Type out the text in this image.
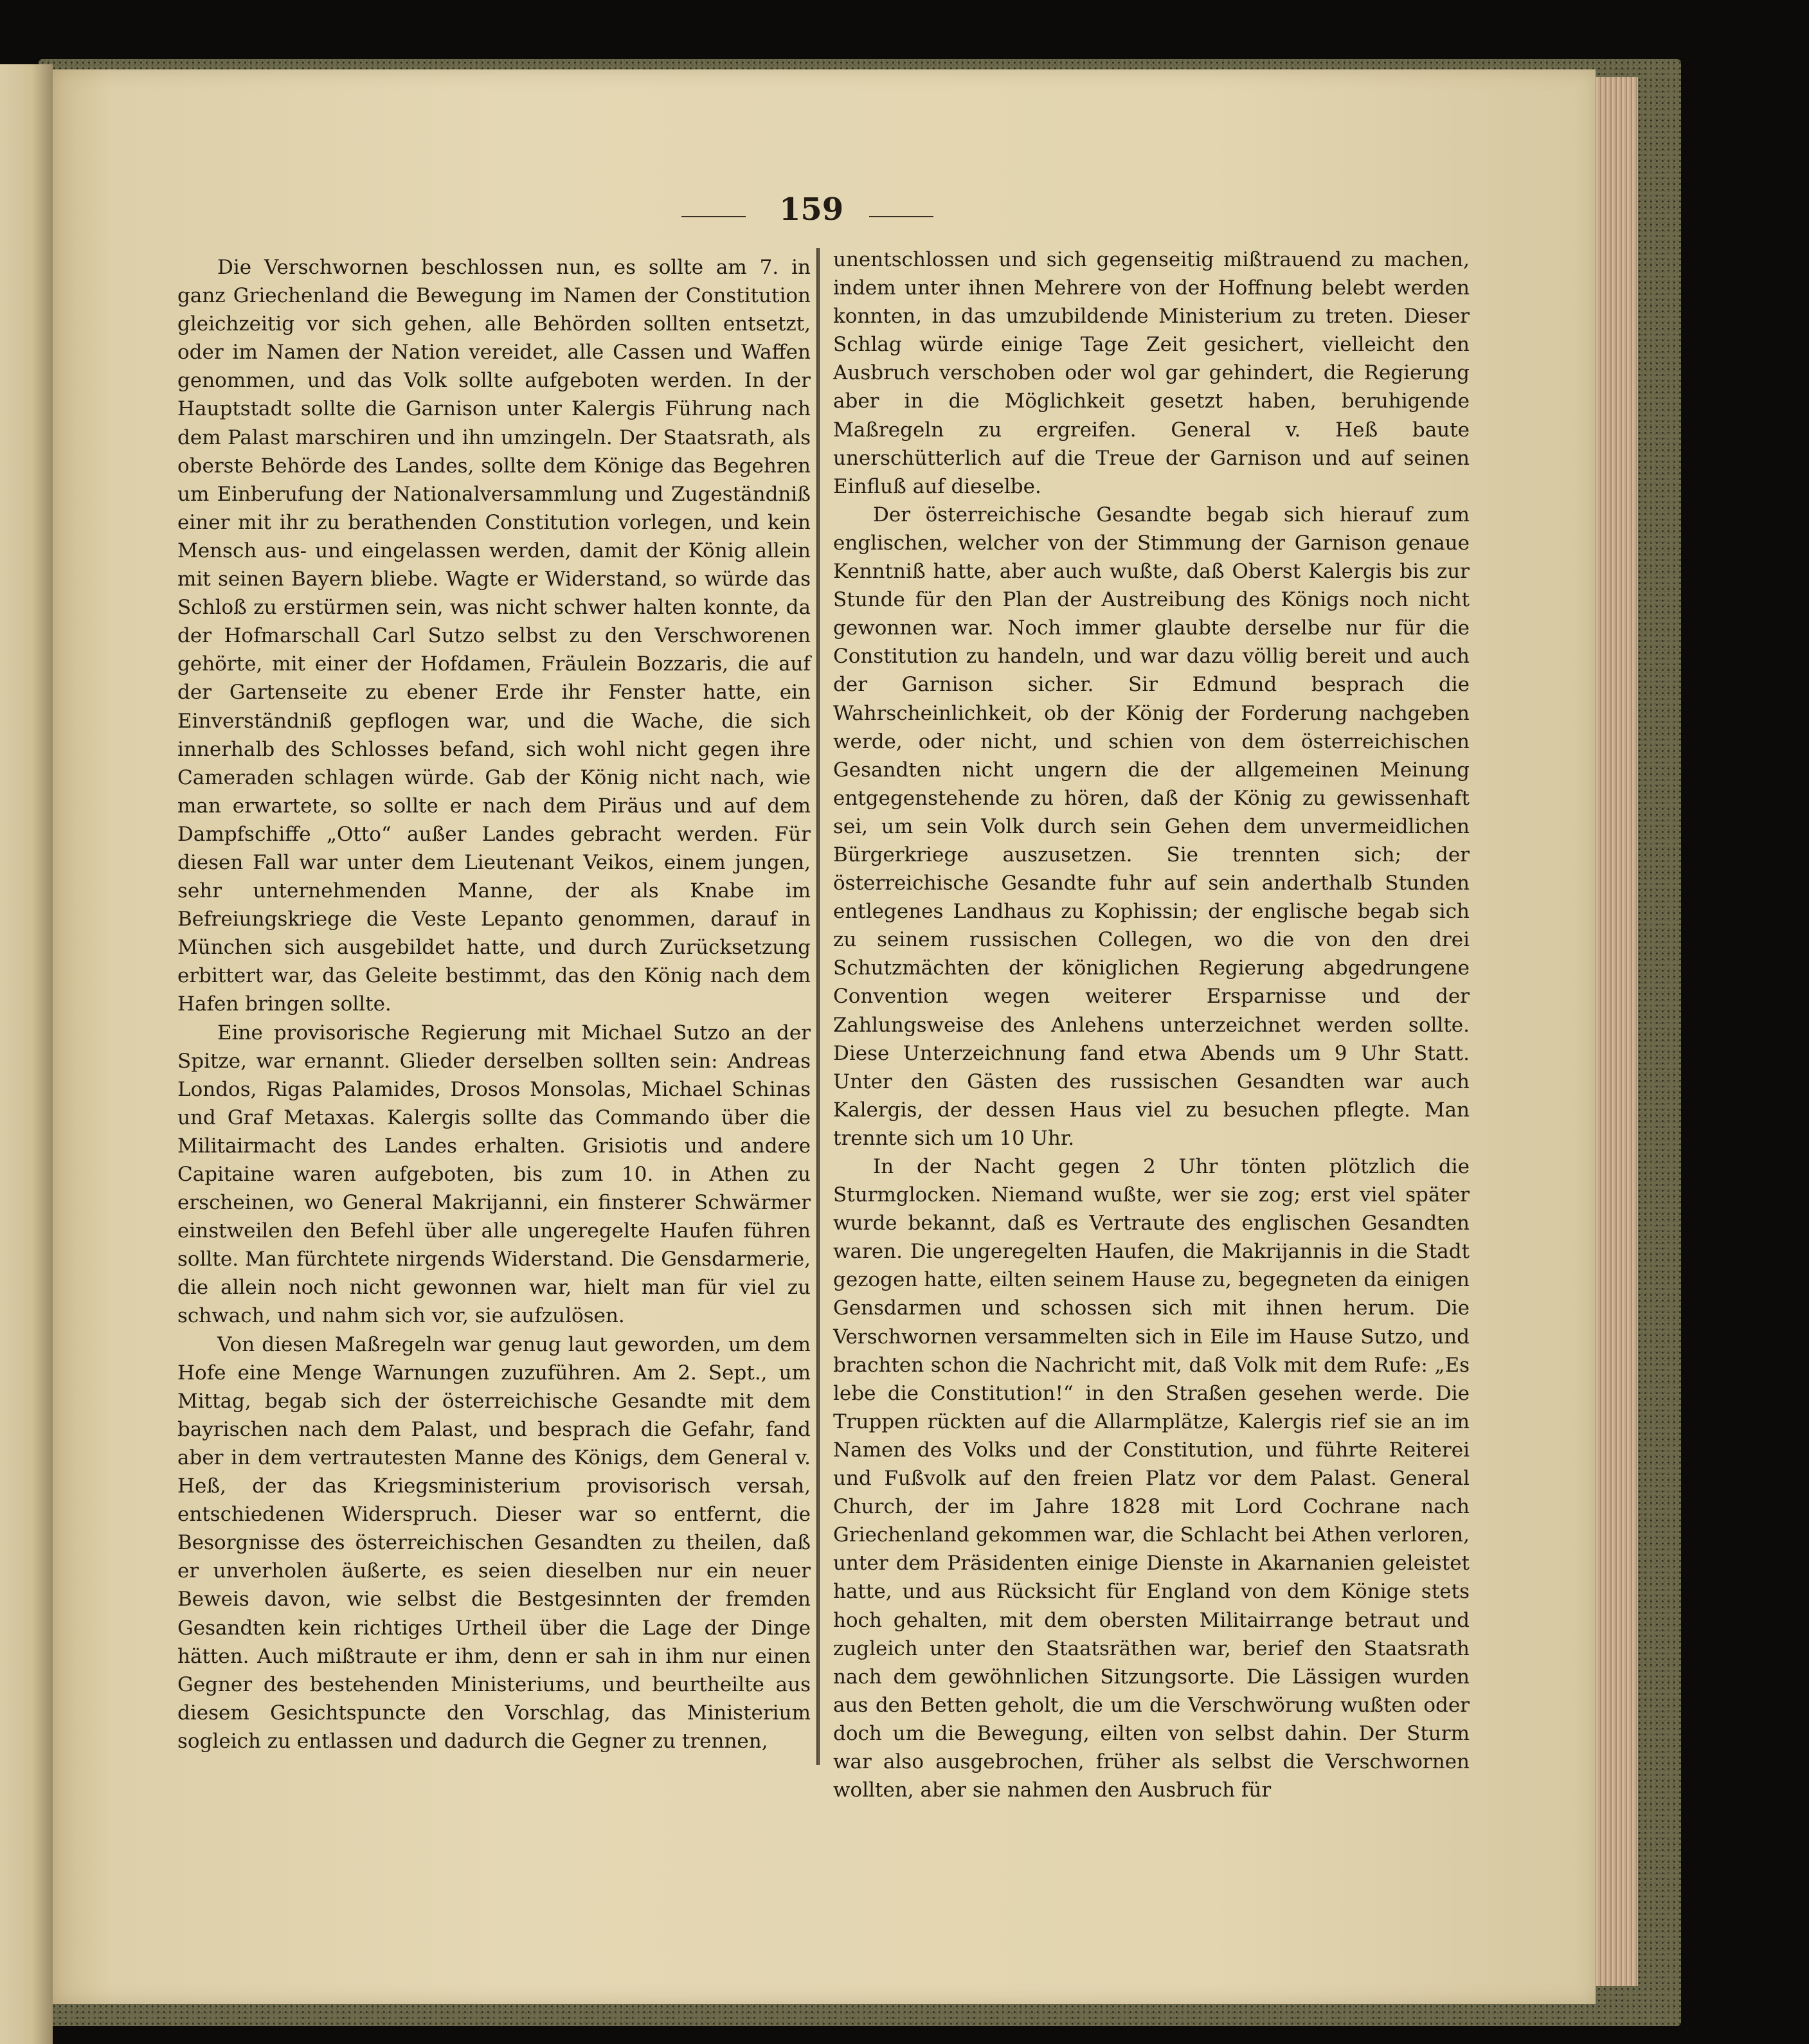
159

Die Verschwornen beschlossen nun, es sollte am 7. in ganz Griechenland die Bewegung im Namen der Constitution gleichzeitig vor sich gehen, alle Behörden sollten entsetzt, oder im Namen der Nation vereidet, alle Cassen und Waffen genommen, und das Volk sollte aufgeboten werden. In der Hauptstadt sollte die Garnison unter Kalergis Führung nach dem Palast marschiren und ihn umzingeln. Der Staatsrath, als oberste Behörde des Landes, sollte dem Könige das Begehren um Einberufung der Nationalversammlung und Zugeständniß einer mit ihr zu berathenden Constitution vorlegen, und kein Mensch aus- und eingelassen werden, damit der König allein mit seinen Bayern bliebe. Wagte er Widerstand, so würde das Schloß zu erstürmen sein, was nicht schwer halten konnte, da der Hofmarschall Carl Sutzo selbst zu den Verschworenen gehörte, mit einer der Hofdamen, Fräulein Bozzaris, die auf der Gartenseite zu ebener Erde ihr Fenster hatte, ein Einverständniß gepflogen war, und die Wache, die sich innerhalb des Schlosses befand, sich wohl nicht gegen ihre Cameraden schlagen würde. Gab der König nicht nach, wie man erwartete, so sollte er nach dem Piräus und auf dem Dampfschiffe „Otto“ außer Landes gebracht werden. Für diesen Fall war unter dem Lieutenant Veikos, einem jungen, sehr unternehmenden Manne, der als Knabe im Befreiungskriege die Veste Lepanto genommen, darauf in München sich ausgebildet hatte, und durch Zurücksetzung erbittert war, das Geleite bestimmt, das den König nach dem Hafen bringen sollte.

Eine provisorische Regierung mit Michael Sutzo an der Spitze, war ernannt. Glieder derselben sollten sein: Andreas Londos, Rigas Palamides, Drosos Monsolas, Michael Schinas und Graf Metaxas. Kalergis sollte das Commando über die Militairmacht des Landes erhalten. Grisiotis und andere Capitaine waren aufgeboten, bis zum 10. in Athen zu erscheinen, wo General Makrijanni, ein finsterer Schwärmer einstweilen den Befehl über alle ungeregelte Haufen führen sollte. Man fürchtete nirgends Widerstand. Die Gensdarmerie, die allein noch nicht gewonnen war, hielt man für viel zu schwach, und nahm sich vor, sie aufzulösen.

Von diesen Maßregeln war genug laut geworden, um dem Hofe eine Menge Warnungen zuzuführen. Am 2. Sept., um Mittag, begab sich der österreichische Gesandte mit dem bayrischen nach dem Palast, und besprach die Gefahr, fand aber in dem vertrautesten Manne des Königs, dem General v. Heß, der das Kriegsministerium provisorisch versah, entschiedenen Widerspruch. Dieser war so entfernt, die Besorgnisse des österreichischen Gesandten zu theilen, daß er unverholen äußerte, es seien dieselben nur ein neuer Beweis davon, wie selbst die Bestgesinnten der fremden Gesandten kein richtiges Urtheil über die Lage der Dinge hätten. Auch mißtraute er ihm, denn er sah in ihm nur einen Gegner des bestehenden Ministeriums, und beurtheilte aus diesem Gesichtspuncte den Vorschlag, das Ministerium sogleich zu entlassen und dadurch die Gegner zu trennen,

unentschlossen und sich gegenseitig mißtrauend zu machen, indem unter ihnen Mehrere von der Hoffnung belebt werden konnten, in das umzubildende Ministerium zu treten. Dieser Schlag würde einige Tage Zeit gesichert, vielleicht den Ausbruch verschoben oder wol gar gehindert, die Regierung aber in die Möglichkeit gesetzt haben, beruhigende Maßregeln zu ergreifen. General v. Heß baute unerschütterlich auf die Treue der Garnison und auf seinen Einfluß auf dieselbe.

Der österreichische Gesandte begab sich hierauf zum englischen, welcher von der Stimmung der Garnison genaue Kenntniß hatte, aber auch wußte, daß Oberst Kalergis bis zur Stunde für den Plan der Austreibung des Königs noch nicht gewonnen war. Noch immer glaubte derselbe nur für die Constitution zu handeln, und war dazu völlig bereit und auch der Garnison sicher. Sir Edmund besprach die Wahrscheinlichkeit, ob der König der Forderung nachgeben werde, oder nicht, und schien von dem österreichischen Gesandten nicht ungern die der allgemeinen Meinung entgegenstehende zu hören, daß der König zu gewissenhaft sei, um sein Volk durch sein Gehen dem unvermeidlichen Bürgerkriege auszusetzen. Sie trennten sich; der österreichische Gesandte fuhr auf sein anderthalb Stunden entlegenes Landhaus zu Kophissin; der englische begab sich zu seinem russischen Collegen, wo die von den drei Schutzmächten der königlichen Regierung abgedrungene Convention wegen weiterer Ersparnisse und der Zahlungsweise des Anlehens unterzeichnet werden sollte. Diese Unterzeichnung fand etwa Abends um 9 Uhr Statt. Unter den Gästen des russischen Gesandten war auch Kalergis, der dessen Haus viel zu besuchen pflegte. Man trennte sich um 10 Uhr.

In der Nacht gegen 2 Uhr tönten plötzlich die Sturmglocken. Niemand wußte, wer sie zog; erst viel später wurde bekannt, daß es Vertraute des englischen Gesandten waren. Die ungeregelten Haufen, die Makrijannis in die Stadt gezogen hatte, eilten seinem Hause zu, begegneten da einigen Gensdarmen und schossen sich mit ihnen herum. Die Verschwornen versammelten sich in Eile im Hause Sutzo, und brachten schon die Nachricht mit, daß Volk mit dem Rufe: „Es lebe die Constitution!“ in den Straßen gesehen werde. Die Truppen rückten auf die Allarmplätze, Kalergis rief sie an im Namen des Volks und der Constitution, und führte Reiterei und Fußvolk auf den freien Platz vor dem Palast. General Church, der im Jahre 1828 mit Lord Cochrane nach Griechenland gekommen war, die Schlacht bei Athen verloren, unter dem Präsidenten einige Dienste in Akarnanien geleistet hatte, und aus Rücksicht für England von dem Könige stets hoch gehalten, mit dem obersten Militairrange betraut und zugleich unter den Staatsräthen war, berief den Staatsrath nach dem gewöhnlichen Sitzungsorte. Die Lässigen wurden aus den Betten geholt, die um die Verschwörung wußten oder doch um die Bewegung, eilten von selbst dahin. Der Sturm war also ausgebrochen, früher als selbst die Verschwornen wollten, aber sie nahmen den Ausbruch für
